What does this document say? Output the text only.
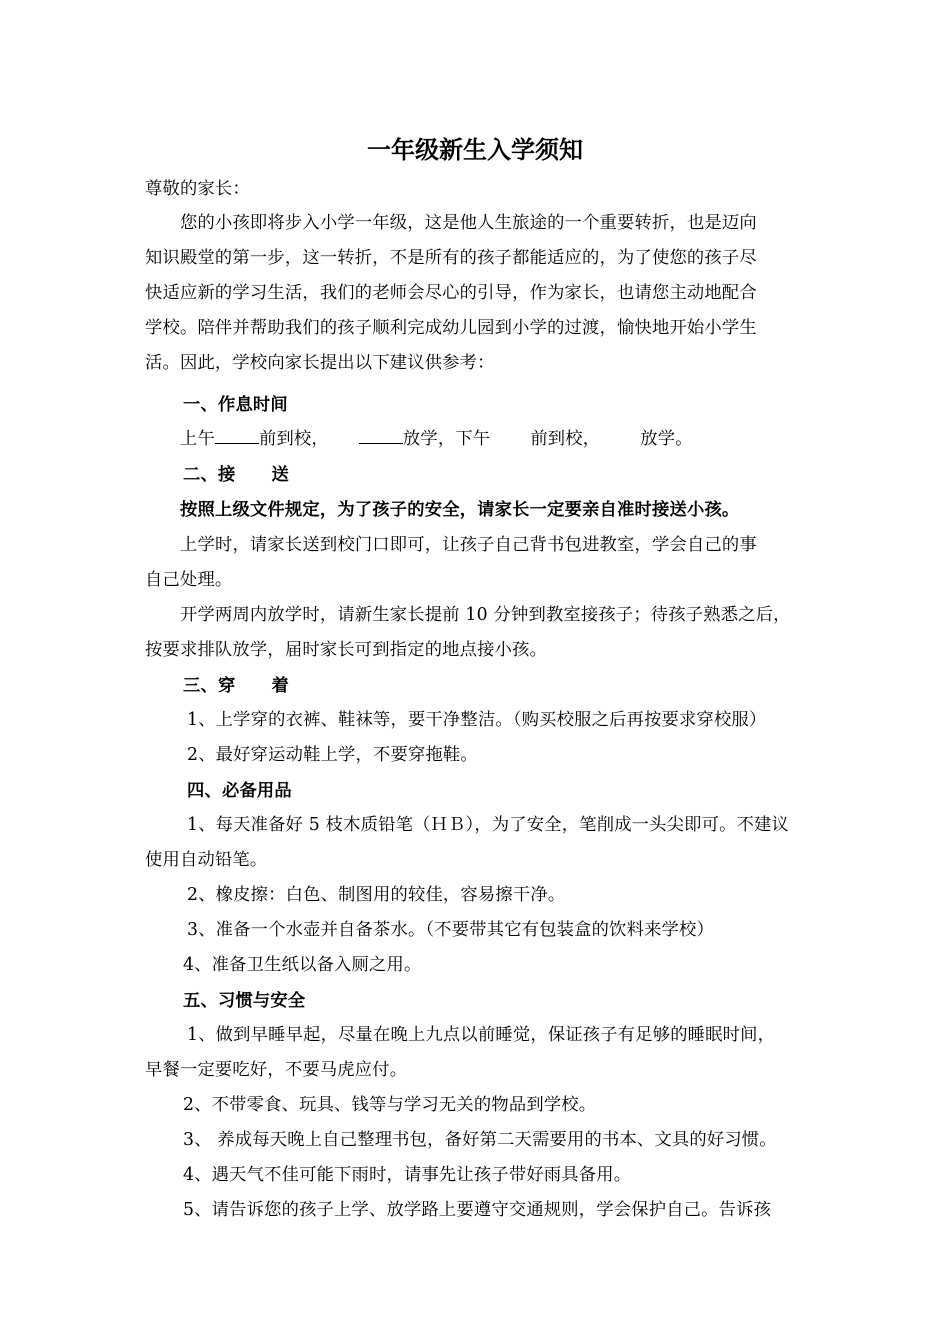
一年级新生入学须知
尊敬的家长：
您的小孩即将步入小学一年级，这是他人生旅途的一个重要转折，也是迈向
知识殿堂的第一步，这一转折，不是所有的孩子都能适应的，为了使您的孩子尽
快适应新的学习生活，我们的老师会尽心的引导，作为家长，也请您主动地配合
学校。陪伴并帮助我们的孩子顺利完成幼儿园到小学的过渡，愉快地开始小学生
活。因此，学校向家长提出以下建议供参考：
一、作息时间
上午	前到校，	放学，下午 前到校， 放学。
二、接 送
按照上级文件规定，为了孩子的安全，请家长一定要亲自准时接送小孩。
上学时，请家长送到校门口即可，让孩子自己背书包进教室，学会自己的事
自己处理。
开学两周内放学时，请新生家长提前 10 分钟到教室接孩子；待孩子熟悉之后，
按要求排队放学，届时家长可到指定的地点接小孩。
三、穿 着
1、上学穿的衣裤、鞋袜等，要干净整洁。（购买校服之后再按要求穿校服）
2、最好穿运动鞋上学，不要穿拖鞋。
四、必备用品
1、每天准备好 5 枝木质铅笔（ＨＢ），为了安全，笔削成一头尖即可。不建议
使用自动铅笔。
2、橡皮擦：白色、制图用的较佳，容易擦干净。
3、准备一个水壶并自备茶水。（不要带其它有包装盒的饮料来学校）
4、准备卫生纸以备入厕之用。
五、习惯与安全
1、做到早睡早起，尽量在晚上九点以前睡觉，保证孩子有足够的睡眠时间，
早餐一定要吃好，不要马虎应付。
2、不带零食、玩具、钱等与学习无关的物品到学校。
3、 养成每天晚上自己整理书包，备好第二天需要用的书本、文具的好习惯。
4、遇天气不佳可能下雨时，请事先让孩子带好雨具备用。
5、请告诉您的孩子上学、放学路上要遵守交通规则，学会保护自己。告诉孩
